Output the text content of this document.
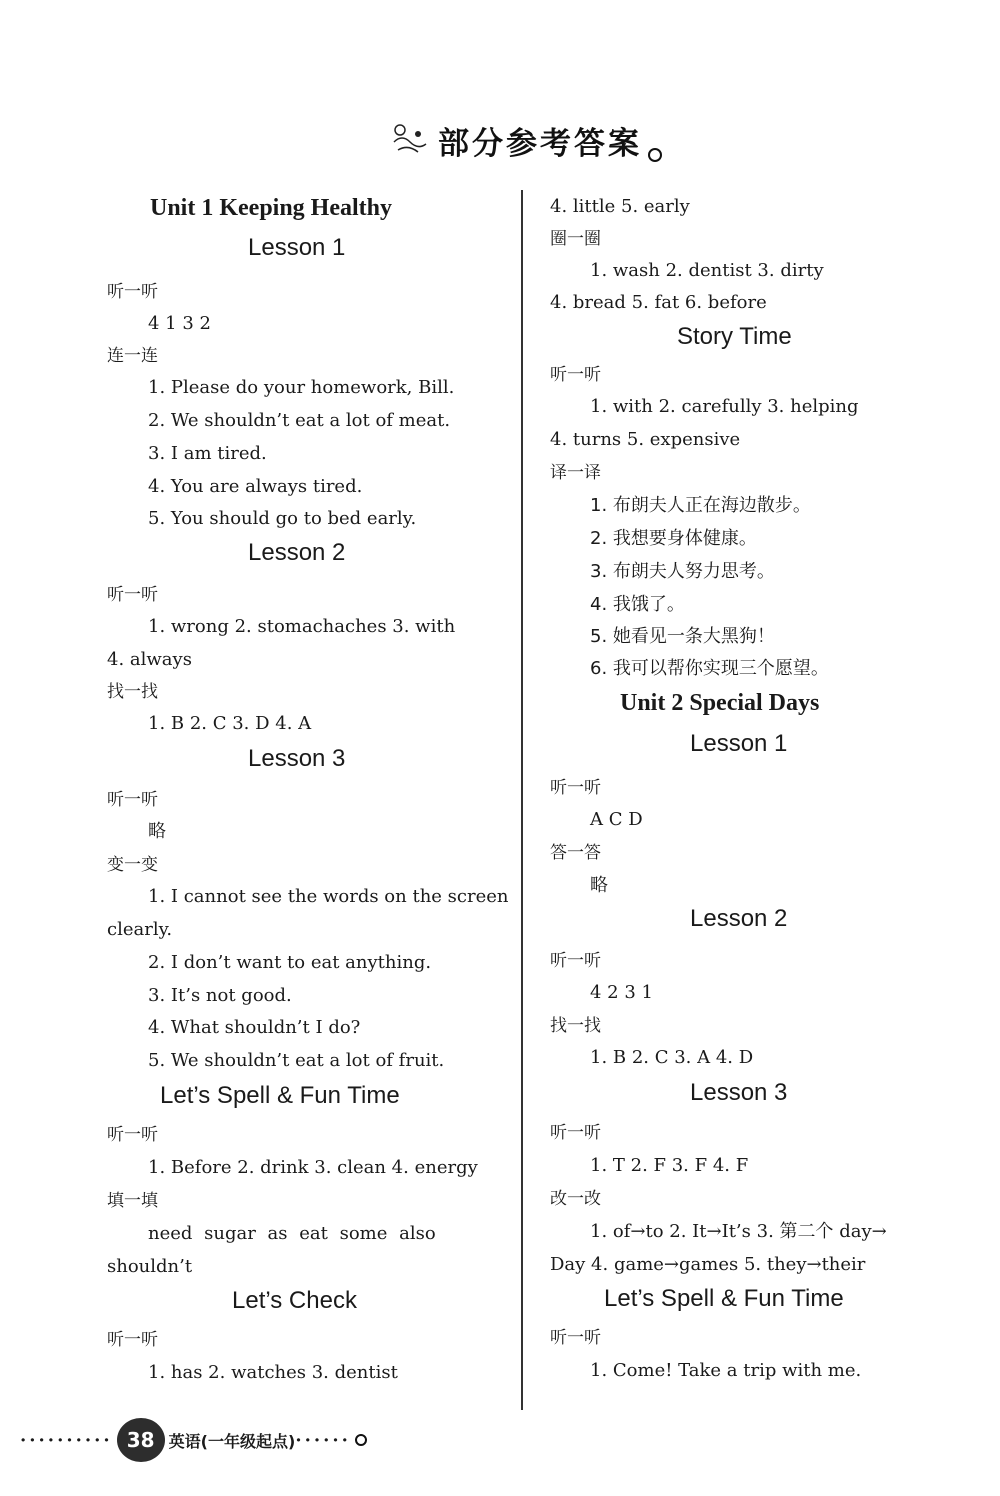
部分参考答案
Unit 1 Keeping Healthy
Lesson 1
听一听
4 1 3 2
连一连
1. Please do your homework, Bill.
2. We shouldn’t eat a lot of meat.
3. I am tired.
4. You are always tired.
5. You should go to bed early.
Lesson 2
听一听
1. wrong 2. stomachaches 3. with
4. always
找一找
1. B 2. C 3. D 4. A
Lesson 3
听一听
略
变一变
1. I cannot see the words on the screen
clearly.
2. I don’t want to eat anything.
3. It’s not good.
4. What shouldn’t I do?
5. We shouldn’t eat a lot of fruit.
Let’s Spell & Fun Time
听一听
1. Before 2. drink 3. clean 4. energy
填一填
need sugar as eat some also
shouldn’t
Let’s Check
听一听
1. has 2. watches 3. dentist
4. little 5. early
圈一圈
1. wash 2. dentist 3. dirty
4. bread 5. fat 6. before
Story Time
听一听
1. with 2. carefully 3. helping
4. turns 5. expensive
译一译
1. 布朗夫人正在海边散步。
2. 我想要身体健康。
3. 布朗夫人努力思考。
4. 我饿了。
5. 她看见一条大黑狗！
6. 我可以帮你实现三个愿望。
Unit 2 Special Days
Lesson 1
听一听
A C D
答一答
略
Lesson 2
听一听
4 2 3 1
找一找
1. B 2. C 3. A 4. D
Lesson 3
听一听
1. T 2. F 3. F 4. F
改一改
1. of→to 2. It→It’s 3. 第二个 day→
Day 4. game→games 5. they→their
Let’s Spell & Fun Time
听一听
1. Come! Take a trip with me.
·········· 38 英语(一年级起点) ······
